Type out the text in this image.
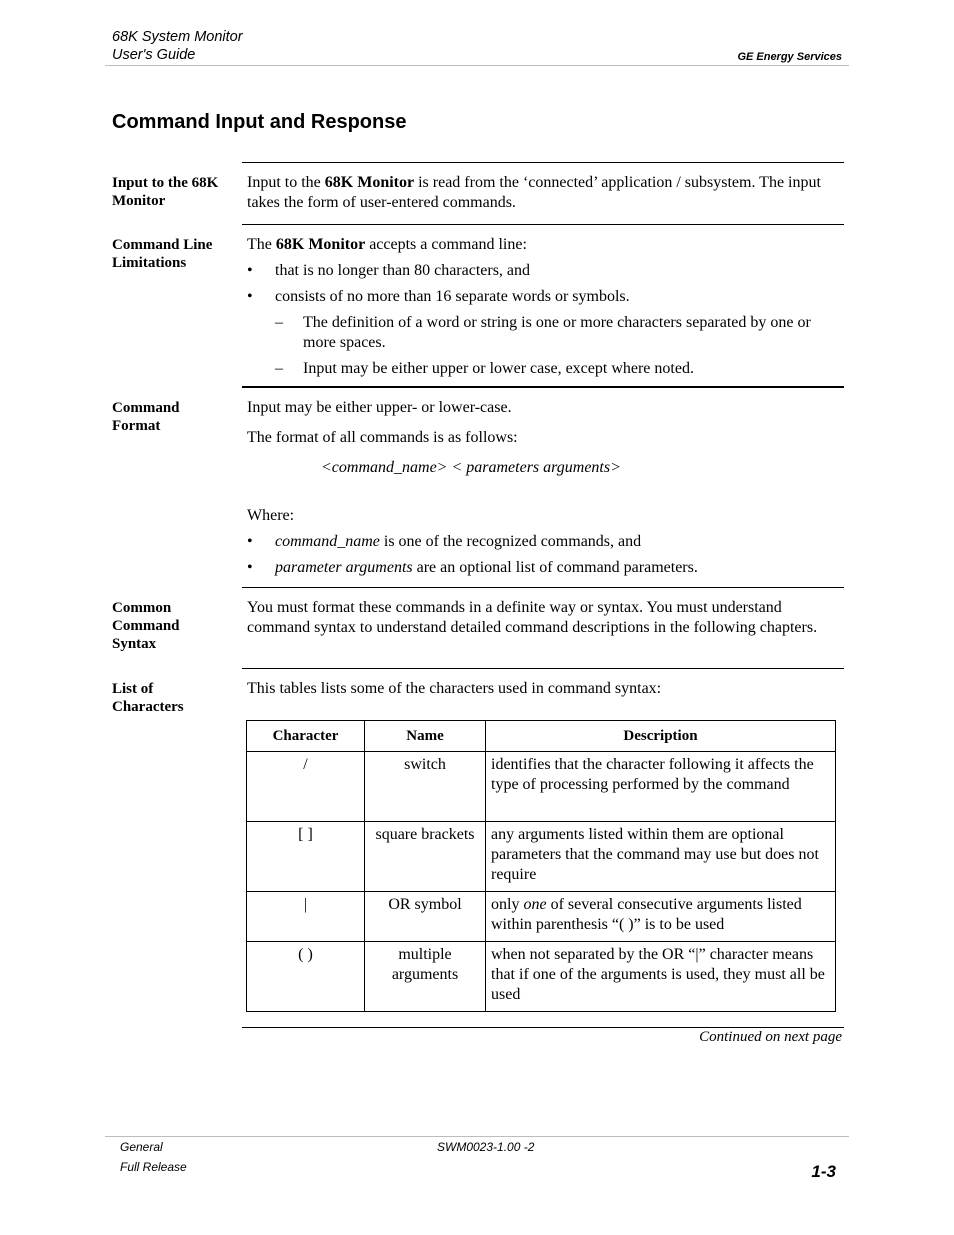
68K System Monitor
User's Guide	GE Energy Services
Command Input and Response
Input to the 68K Monitor

Input to the 68K Monitor is read from the ‘connected’ application / subsystem. The input takes the form of user-entered commands.

Command Line
Limitations

The 68K Monitor accepts a command line:

• that is no longer than 80 characters, and

• consists of no more than 16 separate words or symbols.

– The definition of a word or string is one or more characters separated by one or more spaces.

– Input may be either upper or lower case, except where noted.

Command
Format

Input may be either upper- or lower-case.

The format of all commands is as follows:

<command_name> < parameters arguments>

Where:

• command_name is one of the recognized commands, and

• parameter arguments are an optional list of command parameters.

Common
Command
Syntax

You must format these commands in a definite way or syntax. You must understand command syntax to understand detailed command descriptions in the following chapters.

List of
Characters

This tables lists some of the characters used in command syntax:

Character	Name	Description
/	switch	identifies that the character following it affects the type of processing performed by the command
[ ]	square brackets	any arguments listed within them are optional parameters that the command may use but does not require
|	OR symbol	only one of several consecutive arguments listed within parenthesis “( )” is to be used
( )	multiple arguments	when not separated by the OR “|” character means that if one of the arguments is used, they must all be used
Continued on next page
General
Full Release
SWM0023-1.00 -2
1-3
